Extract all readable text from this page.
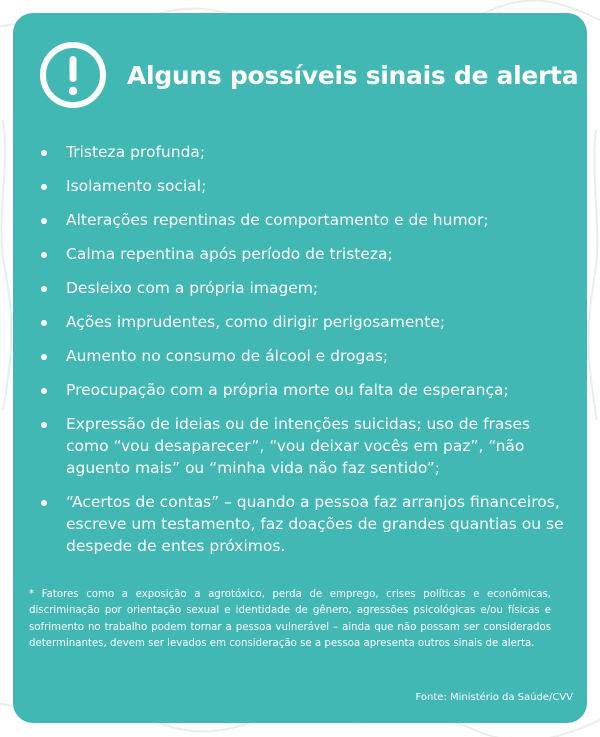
Alguns possíveis sinais de alerta
Tristeza profunda;
Isolamento social;
Alterações repentinas de comportamento e de humor;
Calma repentina após período de tristeza;
Desleixo com a própria imagem;
Ações imprudentes, como dirigir perigosamente;
Aumento no consumo de álcool e drogas;
Preocupação com a própria morte ou falta de esperança;
Expressão de ideias ou de intenções suicidas; uso de frases como “vou desaparecer”, “vou deixar vocês em paz”, “não aguento mais” ou “minha vida não faz sentido”;
“Acertos de contas” – quando a pessoa faz arranjos financeiros, escreve um testamento, faz doações de grandes quantias ou se despede de entes próximos.

* Fatores como a exposição a agrotóxico, perda de emprego, crises políticas e econômicas, discriminação por orientação sexual e identidade de gênero, agressões psicológicas e/ou físicas e sofrimento no trabalho podem tornar a pessoa vulnerável – ainda que não possam ser considerados determinantes, devem ser levados em consideração se a pessoa apresenta outros sinais de alerta.

Fonte: Ministério da Saúde/CVV
